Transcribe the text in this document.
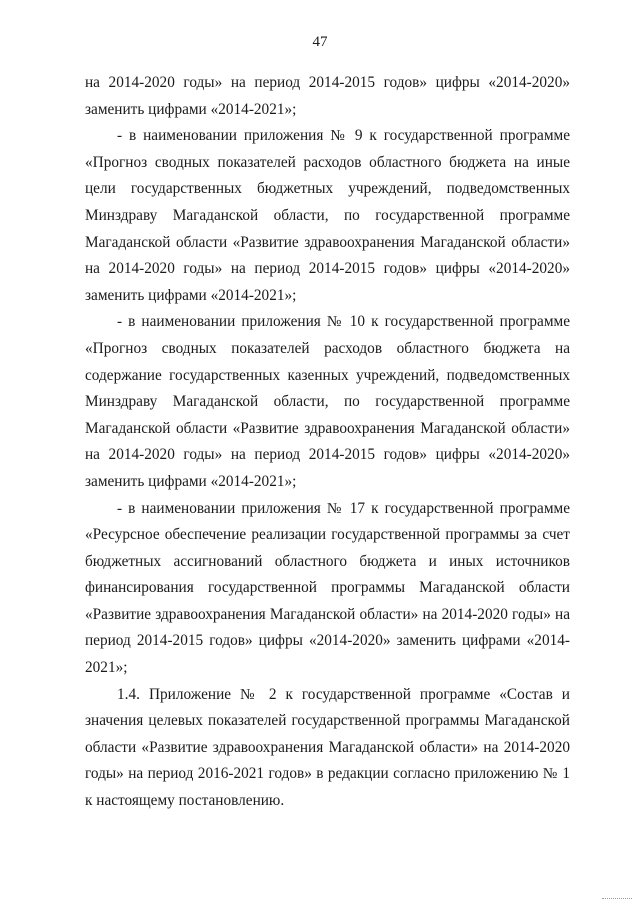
47

на 2014-2020 годы» на период 2014-2015 годов» цифры «2014-2020» заменить цифрами «2014-2021»;

- в наименовании приложения № 9 к государственной программе «Прогноз сводных показателей расходов областного бюджета на иные цели государственных бюджетных учреждений, подведомственных Минздраву Магаданской области, по государственной программе Магаданской области «Развитие здравоохранения Магаданской области» на 2014-2020 годы» на период 2014-2015 годов» цифры «2014-2020» заменить цифрами «2014-2021»;

- в наименовании приложения № 10 к государственной программе «Прогноз сводных показателей расходов областного бюджета на содержание государственных казенных учреждений, подведомственных Минздраву Магаданской области, по государственной программе Магаданской области «Развитие здравоохранения Магаданской области» на 2014-2020 годы» на период 2014-2015 годов» цифры «2014-2020» заменить цифрами «2014-2021»;

- в наименовании приложения № 17 к государственной программе «Ресурсное обеспечение реализации государственной программы за счет бюджетных ассигнований областного бюджета и иных источников финансирования государственной программы Магаданской области «Развитие здравоохранения Магаданской области» на 2014-2020 годы» на период 2014-2015 годов» цифры «2014-2020» заменить цифрами «2014-2021»;

1.4. Приложение № 2 к государственной программе «Состав и значения целевых показателей государственной программы Магаданской области «Развитие здравоохранения Магаданской области» на 2014-2020 годы» на период 2016-2021 годов» в редакции согласно приложению № 1 к настоящему постановлению.
